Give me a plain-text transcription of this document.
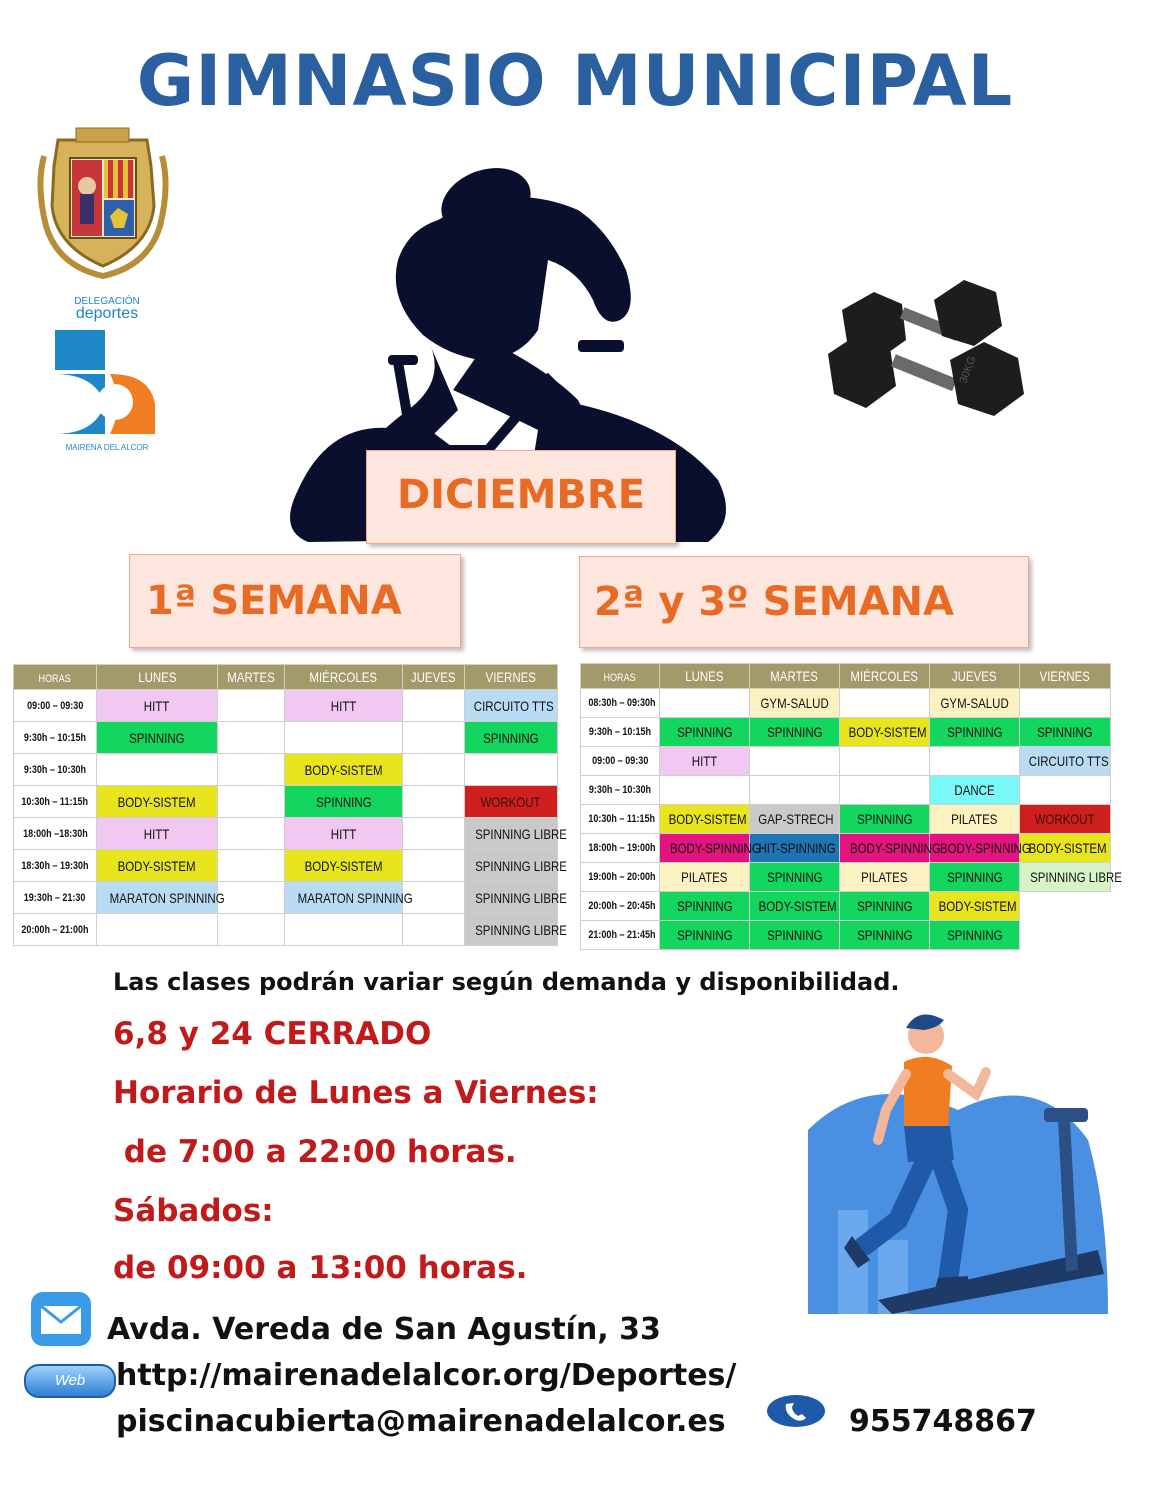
GIMNASIO MUNICIPAL
DELEGACIÓN
deportes
MAIRENA DEL ALCOR
30KG
DICIEMBRE
1ª SEMANA	2ª y 3º SEMANA
HORAS	LUNES	MARTES	MIÉRCOLES	JUEVES	VIERNES
09:00 – 09:30	HITT		HITT		CIRCUITO TTS
9:30h – 10:15h	SPINNING				SPINNING
9:30h – 10:30h			BODY-SISTEM		
10:30h – 11:15h	BODY-SISTEM		SPINNING		WORKOUT
18:00h –18:30h	HITT		HITT		SPINNING LIBRE
18:30h – 19:30h	BODY-SISTEM		BODY-SISTEM		SPINNING LIBRE
19:30h – 21:30	MARATON SPINNING		MARATON SPINNING		SPINNING LIBRE
20:00h – 21:00h					SPINNING LIBRE
HORAS	LUNES	MARTES	MIÉRCOLES	JUEVES	VIERNES
08:30h – 09:30h		GYM-SALUD		GYM-SALUD	
9:30h – 10:15h	SPINNING	SPINNING	BODY-SISTEM	SPINNING	SPINNING
09:00 – 09:30	HITT				CIRCUITO TTS
9:30h – 10:30h				DANCE	
10:30h – 11:15h	BODY-SISTEM	GAP-STRECH	SPINNING	PILATES	WORKOUT
18:00h – 19:00h	BODY-SPINNING	HIT-SPINNING	BODY-SPINNING	BODY-SPINNING	BODY-SISTEM
19:00h – 20:00h	PILATES	SPINNING	PILATES	SPINNING	SPINNING LIBRE
20:00h – 20:45h	SPINNING	BODY-SISTEM	SPINNING	BODY-SISTEM	
21:00h – 21:45h	SPINNING	SPINNING	SPINNING	SPINNING	
Las clases podrán variar según demanda y disponibilidad.
6,8 y 24 CERRADO
Horario de Lunes a Viernes:
de 7:00 a 22:00 horas.
Sábados:
de 09:00 a 13:00 horas.
Avda. Vereda de San Agustín, 33
Web	http://mairenadelalcor.org/Deportes/
piscinacubierta@mairenadelalcor.es	955748867
